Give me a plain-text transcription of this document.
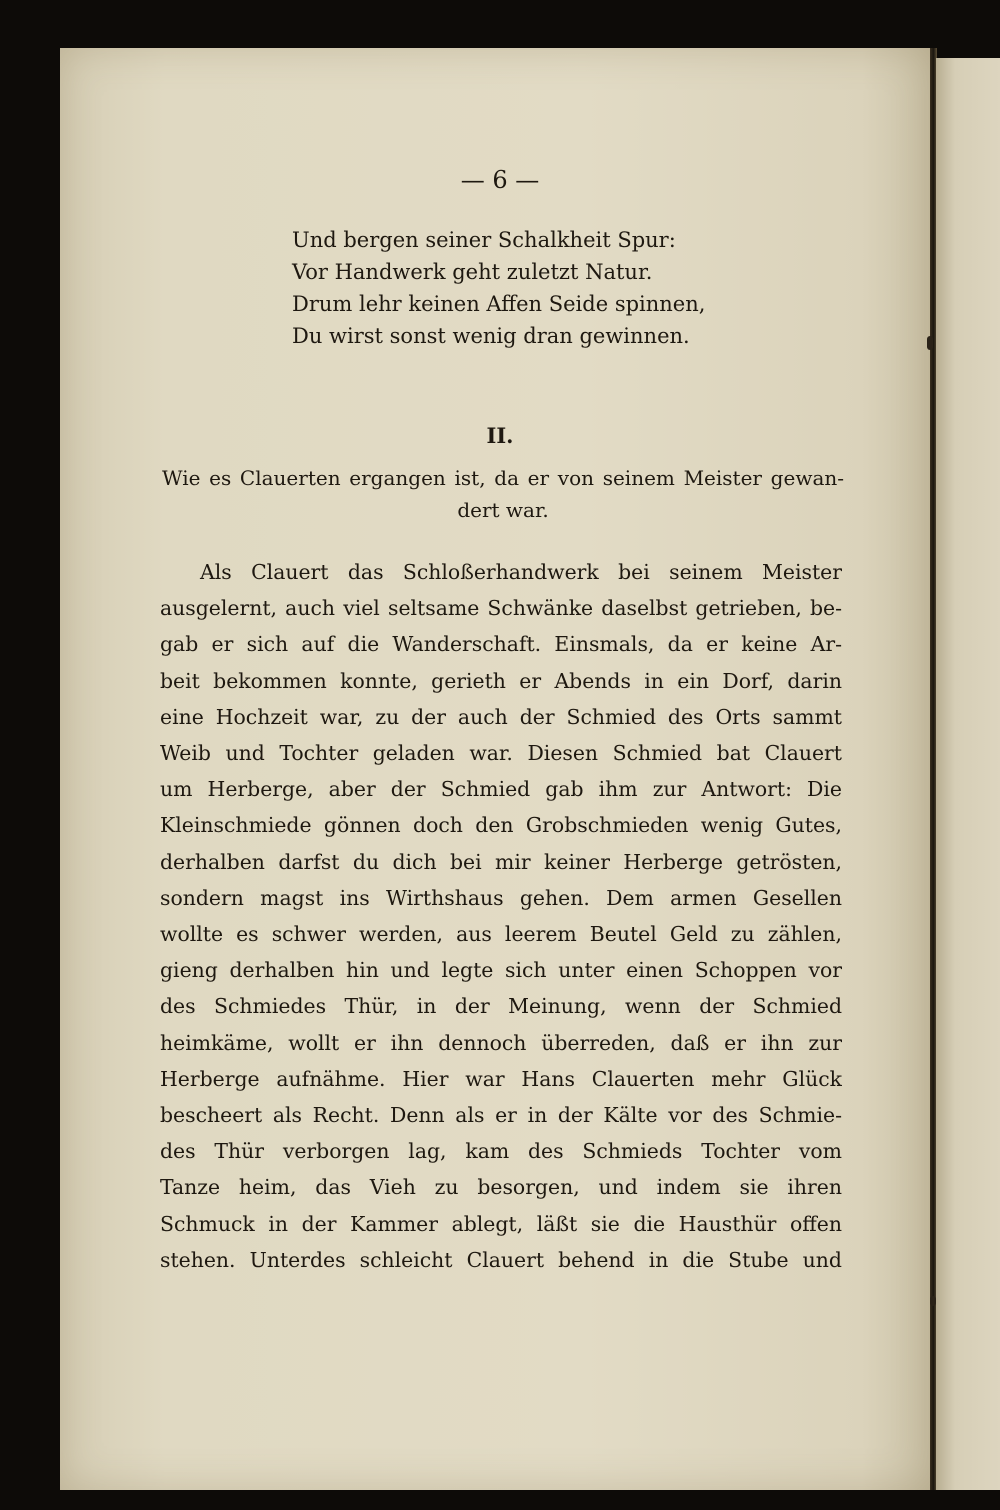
— 6 —
Und bergen seiner Schalkheit Spur:
Vor Handwerk geht zuletzt Natur.
Drum lehr keinen Affen Seide spinnen,
Du wirst sonst wenig dran gewinnen.
II.
Wie es Clauerten ergangen ist, da er von seinem Meister gewan-
dert war.
Als Clauert das Schloßerhandwerk bei seinem Meister
ausgelernt, auch viel seltsame Schwänke daselbst getrieben, be-
gab er sich auf die Wanderschaft. Einsmals, da er keine Ar-
beit bekommen konnte, gerieth er Abends in ein Dorf, darin
eine Hochzeit war, zu der auch der Schmied des Orts sammt
Weib und Tochter geladen war. Diesen Schmied bat Clauert
um Herberge, aber der Schmied gab ihm zur Antwort: Die
Kleinschmiede gönnen doch den Grobschmieden wenig Gutes,
derhalben darfst du dich bei mir keiner Herberge getrösten,
sondern magst ins Wirthshaus gehen. Dem armen Gesellen
wollte es schwer werden, aus leerem Beutel Geld zu zählen,
gieng derhalben hin und legte sich unter einen Schoppen vor
des Schmiedes Thür, in der Meinung, wenn der Schmied
heimkäme, wollt er ihn dennoch überreden, daß er ihn zur
Herberge aufnähme. Hier war Hans Clauerten mehr Glück
bescheert als Recht. Denn als er in der Kälte vor des Schmie-
des Thür verborgen lag, kam des Schmieds Tochter vom
Tanze heim, das Vieh zu besorgen, und indem sie ihren
Schmuck in der Kammer ablegt, läßt sie die Hausthür offen
stehen. Unterdes schleicht Clauert behend in die Stube und
